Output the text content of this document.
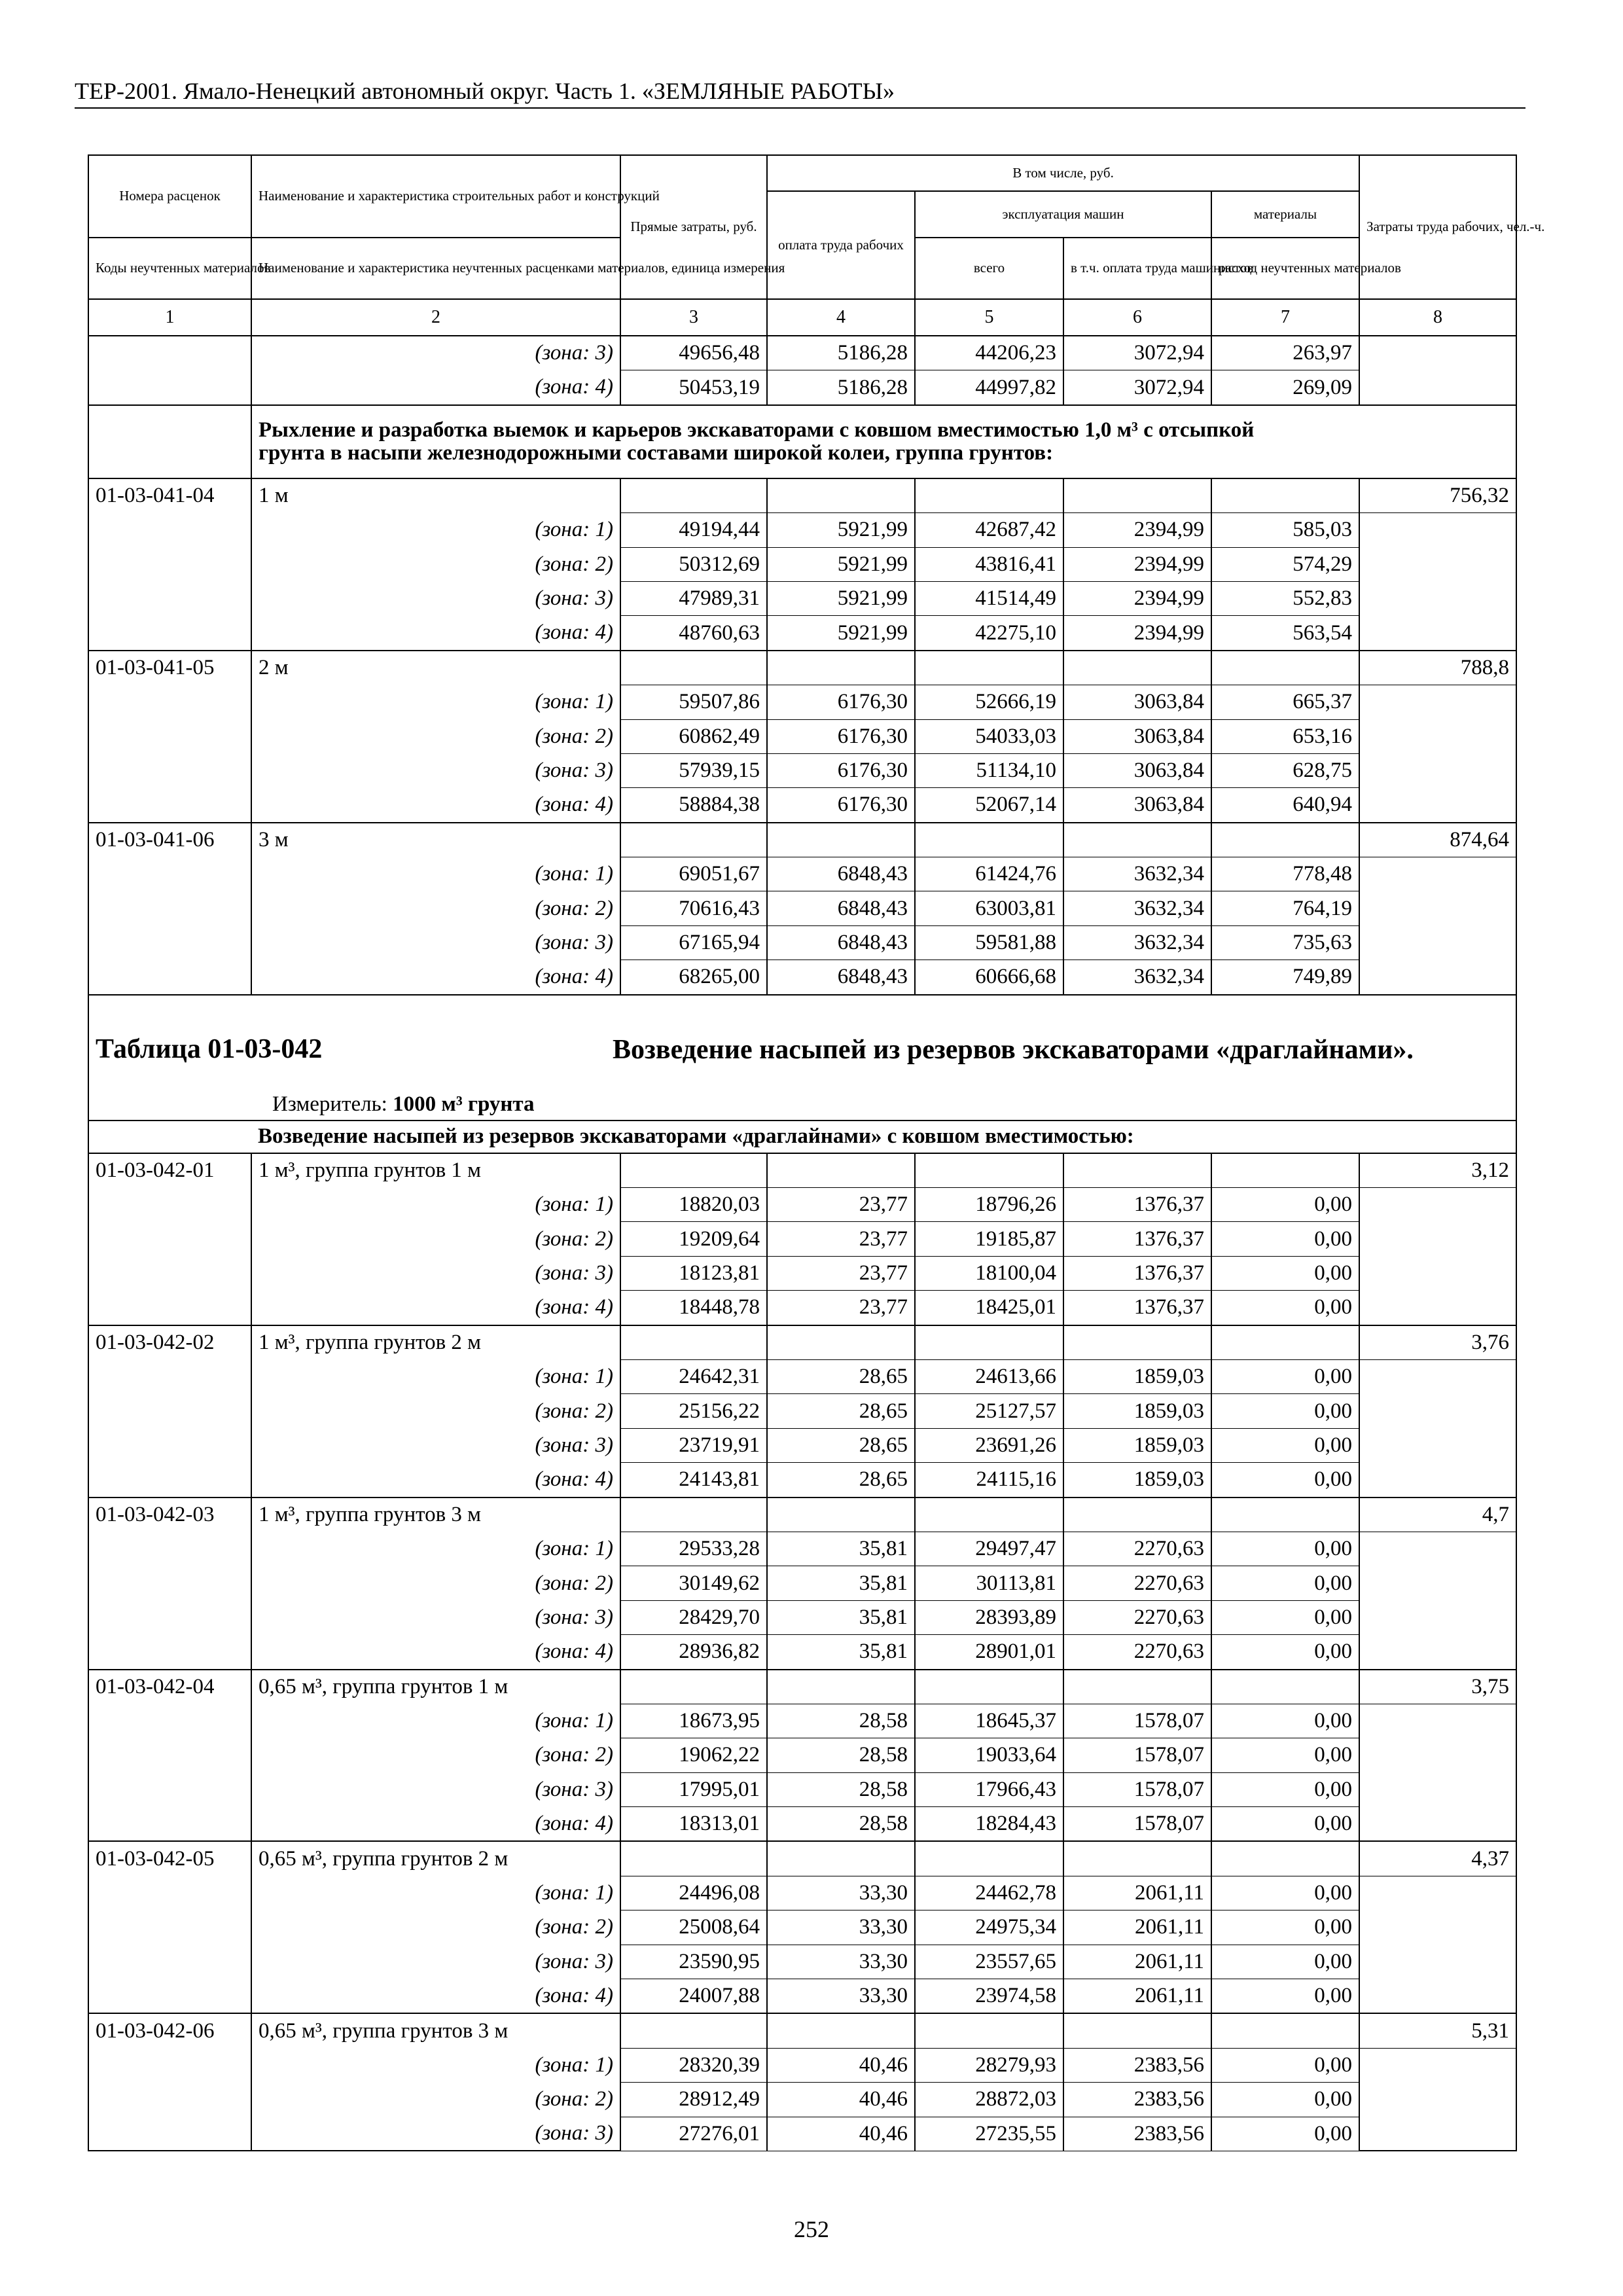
ТЕР-2001. Ямало-Ненецкий автономный округ. Часть 1. «ЗЕМЛЯНЫЕ РАБОТЫ»
Номера расценок	Наименование и характеристика строительных работ и конструкций	Прямые затраты, руб.	В том числе, руб.				Затраты труда рабочих, чел.-ч.
			оплата труда рабочих	эксплуатация машин		материалы	
Коды неучтенных материалов	Наименование и характеристика неучтенных расценками материалов, единица измерения			всего	в т.ч. оплата труда машинистов	расход неучтенных материалов	
1	2	3	4	5	6	7	8
	(зона: 3)	49656,48	5186,28	44206,23	3072,94	263,97	
	(зона: 4)	50453,19	5186,28	44997,82	3072,94	269,09	

	Рыхление и разработка выемок и карьеров экскаваторами с ковшом вместимостью 1,0 м³ с отсыпкой
грунта в насыпи железнодорожными составами широкой колеи, группа грунтов:						

01-03-041-04	1 м						756,32
	(зона: 1)	49194,44	5921,99	42687,42	2394,99	585,03	
	(зона: 2)	50312,69	5921,99	43816,41	2394,99	574,29	
	(зона: 3)	47989,31	5921,99	41514,49	2394,99	552,83	
	(зона: 4)	48760,63	5921,99	42275,10	2394,99	563,54	
01-03-041-05	2 м						788,8
	(зона: 1)	59507,86	6176,30	52666,19	3063,84	665,37	
	(зона: 2)	60862,49	6176,30	54033,03	3063,84	653,16	
	(зона: 3)	57939,15	6176,30	51134,10	3063,84	628,75	
	(зона: 4)	58884,38	6176,30	52067,14	3063,84	640,94	
01-03-041-06	3 м						874,64
	(зона: 1)	69051,67	6848,43	61424,76	3632,34	778,48	
	(зона: 2)	70616,43	6848,43	63003,81	3632,34	764,19	
	(зона: 3)	67165,94	6848,43	59581,88	3632,34	735,63	
	(зона: 4)	68265,00	6848,43	60666,68	3632,34	749,89	

Таблица 01-03-042 Возведение насыпей из резервов экскаваторами «драглайнами».
Измеритель: 1000 м³ грунта							

	Возведение насыпей из резервов экскаваторами «драглайнами» с ковшом вместимостью:						
01-03-042-01	1 м³, группа грунтов 1 м						3,12
	(зона: 1)	18820,03	23,77	18796,26	1376,37	0,00	
	(зона: 2)	19209,64	23,77	19185,87	1376,37	0,00	
	(зона: 3)	18123,81	23,77	18100,04	1376,37	0,00	
	(зона: 4)	18448,78	23,77	18425,01	1376,37	0,00	
01-03-042-02	1 м³, группа грунтов 2 м						3,76
	(зона: 1)	24642,31	28,65	24613,66	1859,03	0,00	
	(зона: 2)	25156,22	28,65	25127,57	1859,03	0,00	
	(зона: 3)	23719,91	28,65	23691,26	1859,03	0,00	
	(зона: 4)	24143,81	28,65	24115,16	1859,03	0,00	
01-03-042-03	1 м³, группа грунтов 3 м						4,7
	(зона: 1)	29533,28	35,81	29497,47	2270,63	0,00	
	(зона: 2)	30149,62	35,81	30113,81	2270,63	0,00	
	(зона: 3)	28429,70	35,81	28393,89	2270,63	0,00	
	(зона: 4)	28936,82	35,81	28901,01	2270,63	0,00	
01-03-042-04	0,65 м³, группа грунтов 1 м						3,75
	(зона: 1)	18673,95	28,58	18645,37	1578,07	0,00	
	(зона: 2)	19062,22	28,58	19033,64	1578,07	0,00	
	(зона: 3)	17995,01	28,58	17966,43	1578,07	0,00	
	(зона: 4)	18313,01	28,58	18284,43	1578,07	0,00	
01-03-042-05	0,65 м³, группа грунтов 2 м						4,37
	(зона: 1)	24496,08	33,30	24462,78	2061,11	0,00	
	(зона: 2)	25008,64	33,30	24975,34	2061,11	0,00	
	(зона: 3)	23590,95	33,30	23557,65	2061,11	0,00	
	(зона: 4)	24007,88	33,30	23974,58	2061,11	0,00	
01-03-042-06	0,65 м³, группа грунтов 3 м						5,31
	(зона: 1)	28320,39	40,46	28279,93	2383,56	0,00	
	(зона: 2)	28912,49	40,46	28872,03	2383,56	0,00	
	(зона: 3)	27276,01	40,46	27235,55	2383,56	0,00	
252
